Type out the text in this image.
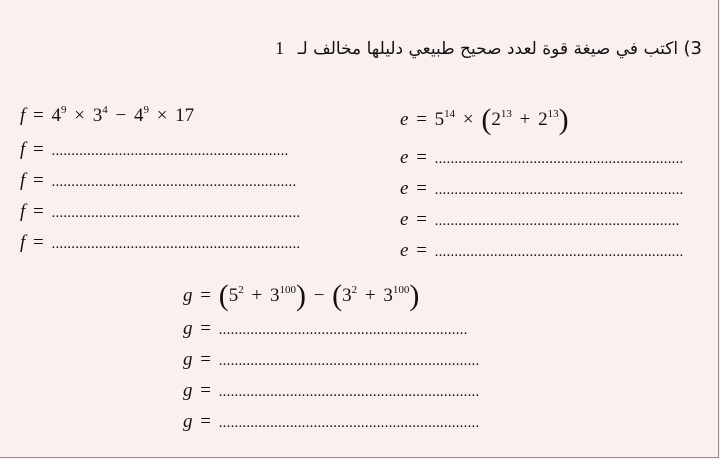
3) اكتب في صيغة قوة لعدد صحيح طبيعي دليلها مخالف لـ 1
$f = 4^9 \times 3^4 - 4^9 \times 17$
f = ............................................................
f = ..............................................................
f = ...............................................................
f = ...............................................................
$e = 5^{14} \times (2^{13} + 2^{13})$
e = ...............................................................
e = ...............................................................
e = ..............................................................
e = ...............................................................
$g = (5^2 + 3^{100}) - (3^2 + 3^{100})$
g = ...............................................................
g = ..................................................................
g = ..................................................................
g = ..................................................................
